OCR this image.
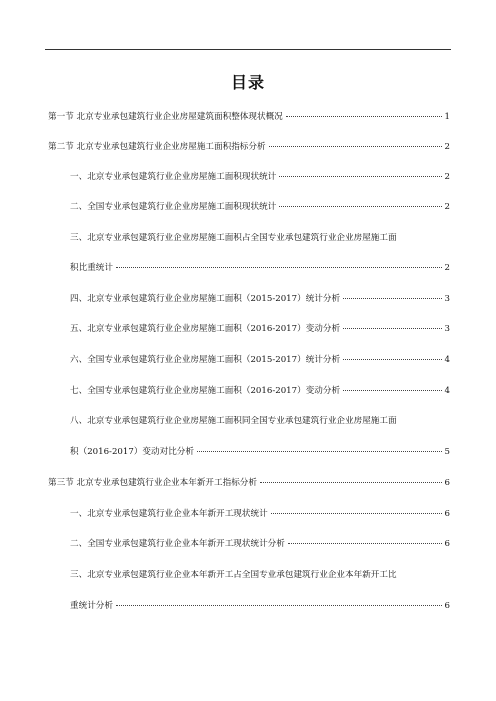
目录
第一节 北京专业承包建筑行业企业房屋建筑面积整体现状概况	1
第二节 北京专业承包建筑行业企业房屋施工面积指标分析	2
一、北京专业承包建筑行业企业房屋施工面积现状统计	2
二、全国专业承包建筑行业企业房屋施工面积现状统计	2
三、北京专业承包建筑行业企业房屋施工面积占全国专业承包建筑行业企业房屋施工面
积比重统计	2
四、北京专业承包建筑行业企业房屋施工面积（2015-2017）统计分析	3
五、北京专业承包建筑行业企业房屋施工面积（2016-2017）变动分析	3
六、全国专业承包建筑行业企业房屋施工面积（2015-2017）统计分析	4
七、全国专业承包建筑行业企业房屋施工面积（2016-2017）变动分析	4
八、北京专业承包建筑行业企业房屋施工面积同全国专业承包建筑行业企业房屋施工面
积（2016-2017）变动对比分析	5
第三节 北京专业承包建筑行业企业本年新开工指标分析	6
一、北京专业承包建筑行业企业本年新开工现状统计	6
二、全国专业承包建筑行业企业本年新开工现状统计分析	6
三、北京专业承包建筑行业企业本年新开工占全国专业承包建筑行业企业本年新开工比
重统计分析	6
